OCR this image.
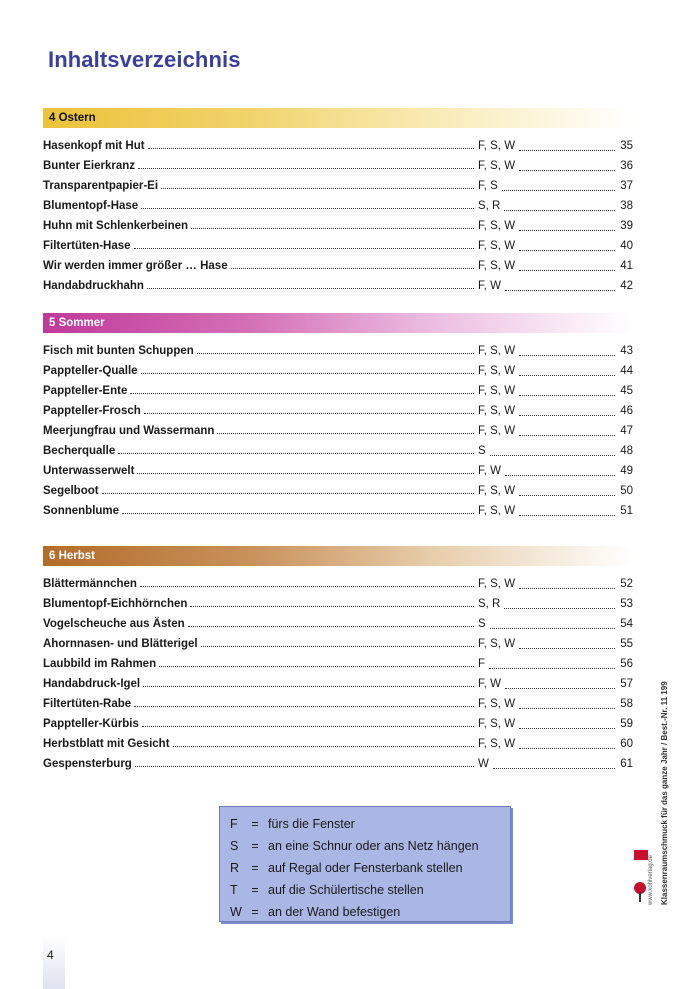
Inhaltsverzeichnis
4 Ostern
Hasenkopf mit Hut	F, S, W	35
Bunter Eierkranz	F, S, W	36
Transparentpapier-Ei	F, S	37
Blumentopf-Hase	S, R	38
Huhn mit Schlenkerbeinen	F, S, W	39
Filtertüten-Hase	F, S, W	40
Wir werden immer größer … Hase	F, S, W	41
Handabdruckhahn	F, W	42
5 Sommer
Fisch mit bunten Schuppen	F, S, W	43
Pappteller-Qualle	F, S, W	44
Pappteller-Ente	F, S, W	45
Pappteller-Frosch	F, S, W	46
Meerjungfrau und Wassermann	F, S, W	47
Becherqualle	S	48
Unterwasserwelt	F, W	49
Segelboot	F, S, W	50
Sonnenblume	F, S, W	51
6 Herbst
Blättermännchen	F, S, W	52
Blumentopf-Eichhörnchen	S, R	53
Vogelscheuche aus Ästen	S	54
Ahornnasen- und Blätterigel	F, S, W	55
Laubbild im Rahmen	F	56
Handabdruck-Igel	F, W	57
Filtertüten-Rabe	F, S, W	58
Pappteller-Kürbis	F, S, W	59
Herbstblatt mit Gesicht	F, S, W	60
Gespensterburg	W	61
F	= fürs die Fenster
S	= an eine Schnur oder ans Netz hängen
R = auf Regal oder Fensterbank stellen
T	= auf die Schülertische stellen
W = an der Wand befestigen
4
www.kohlverlag.de Klassenraumschmuck für das ganze Jahr / Best.-Nr. 11 199
